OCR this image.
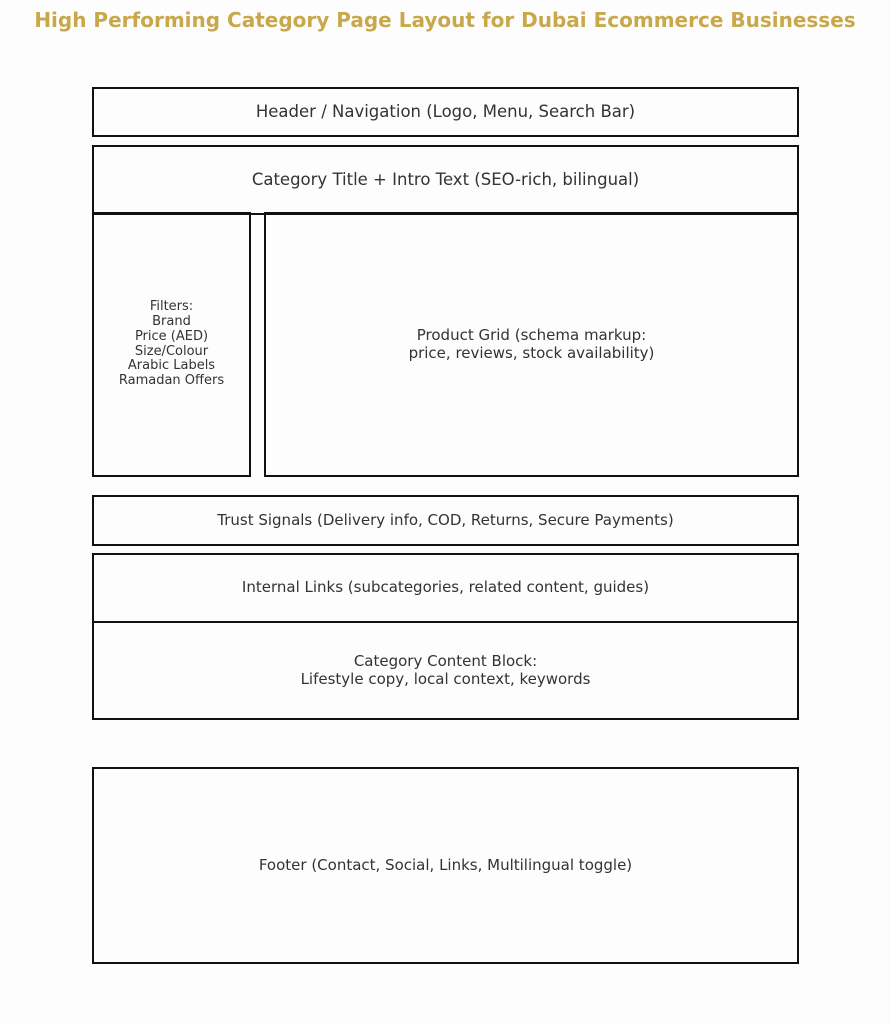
High Performing Category Page Layout for Dubai Ecommerce Businesses
Header / Navigation (Logo, Menu, Search Bar)
Category Title + Intro Text (SEO-rich, bilingual)
Filters:
Brand
Price (AED)
Size/Colour
Arabic Labels
Ramadan Offers
Product Grid (schema markup:
price, reviews, stock availability)
Trust Signals (Delivery info, COD, Returns, Secure Payments)
Internal Links (subcategories, related content, guides)
Category Content Block:
Lifestyle copy, local context, keywords
Footer (Contact, Social, Links, Multilingual toggle)
